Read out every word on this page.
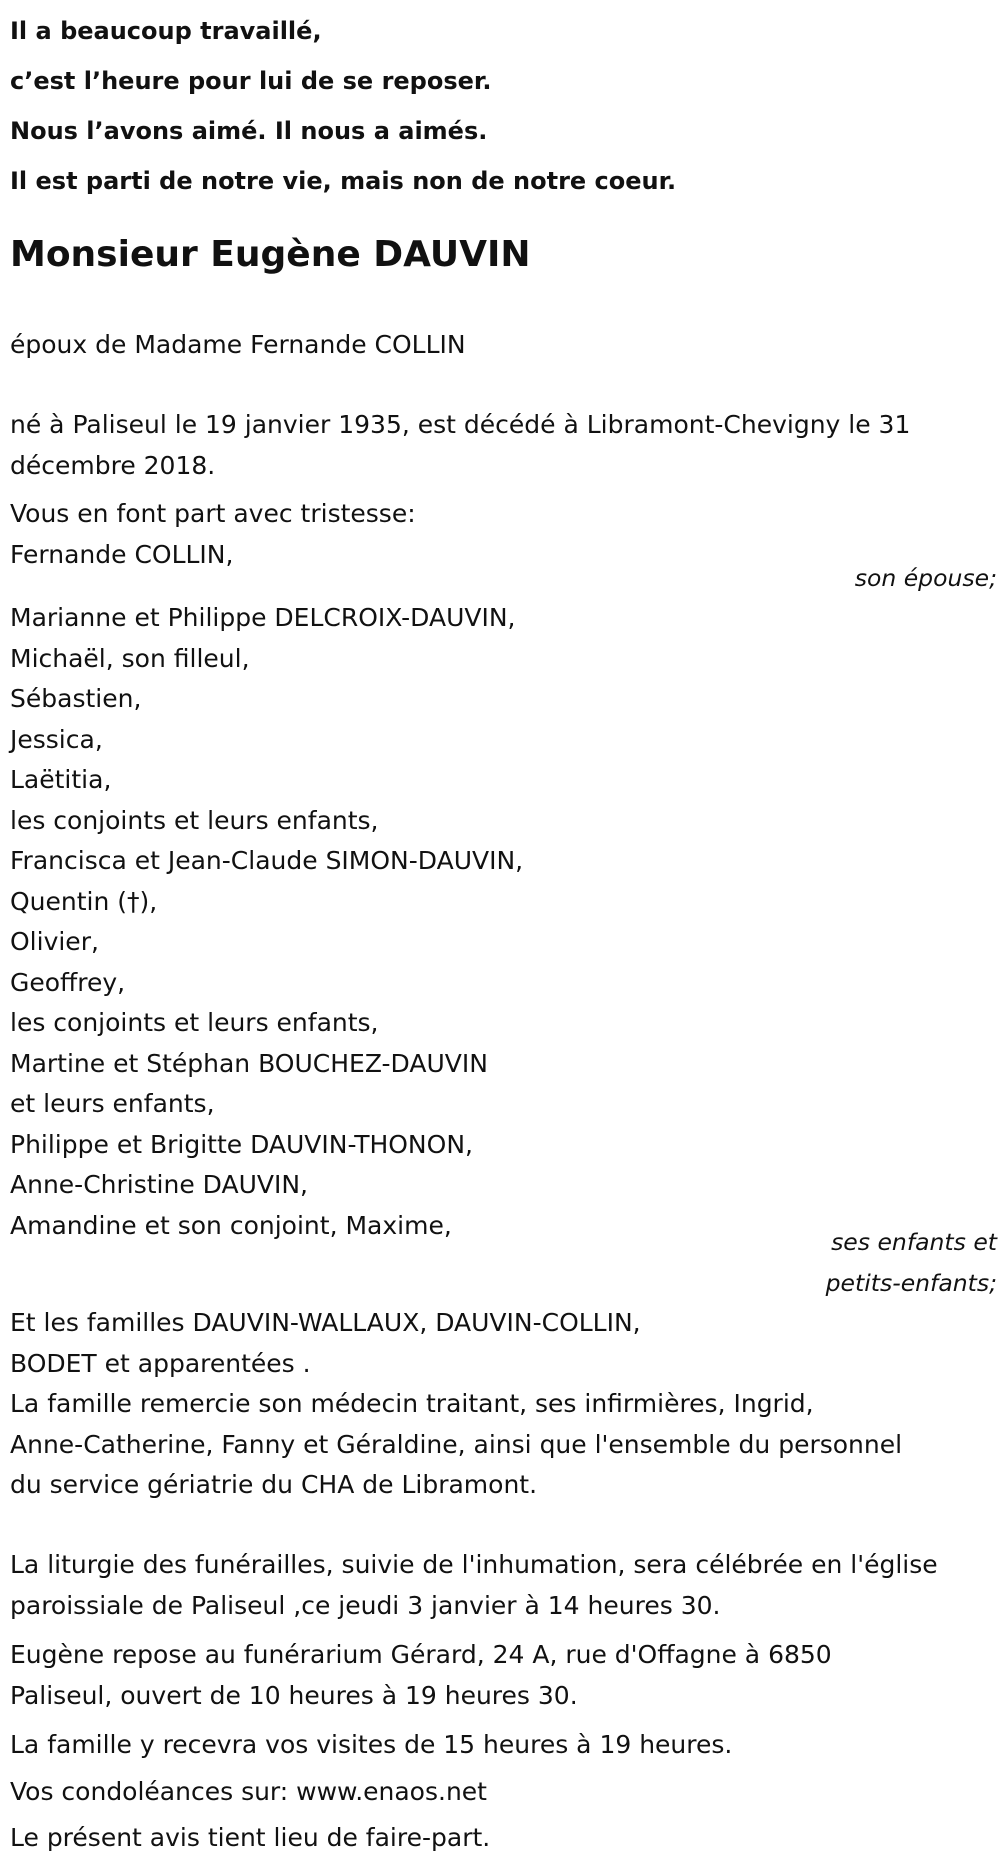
Il a beaucoup travaillé,
c’est l’heure pour lui de se reposer.
Nous l’avons aimé. Il nous a aimés.
Il est parti de notre vie, mais non de notre coeur.
Monsieur Eugène DAUVIN
époux de Madame Fernande COLLIN
né à Paliseul le 19 janvier 1935, est décédé à Libramont-Chevigny le 31
décembre 2018.
Vous en font part avec tristesse:
Fernande COLLIN,
son épouse;
Marianne et Philippe DELCROIX-DAUVIN,
Michaël, son filleul,
Sébastien,
Jessica,
Laëtitia,
les conjoints et leurs enfants,
Francisca et Jean-Claude SIMON-DAUVIN,
Quentin (†),
Olivier,
Geoffrey,
les conjoints et leurs enfants,
Martine et Stéphan BOUCHEZ-DAUVIN
et leurs enfants,
Philippe et Brigitte DAUVIN-THONON,
Anne-Christine DAUVIN,
Amandine et son conjoint, Maxime,
ses enfants et
petits-enfants;
Et les familles DAUVIN-WALLAUX, DAUVIN-COLLIN,
BODET et apparentées .
La famille remercie son médecin traitant, ses infirmières, Ingrid,
Anne-Catherine, Fanny et Géraldine, ainsi que l'ensemble du personnel
du service gériatrie du CHA de Libramont.
La liturgie des funérailles, suivie de l'inhumation, sera célébrée en l'église
paroissiale de Paliseul ,ce jeudi 3 janvier à 14 heures 30.
Eugène repose au funérarium Gérard, 24 A, rue d'Offagne à 6850
Paliseul, ouvert de 10 heures à 19 heures 30.
La famille y recevra vos visites de 15 heures à 19 heures.
Vos condoléances sur: www.enaos.net
Le présent avis tient lieu de faire-part.
